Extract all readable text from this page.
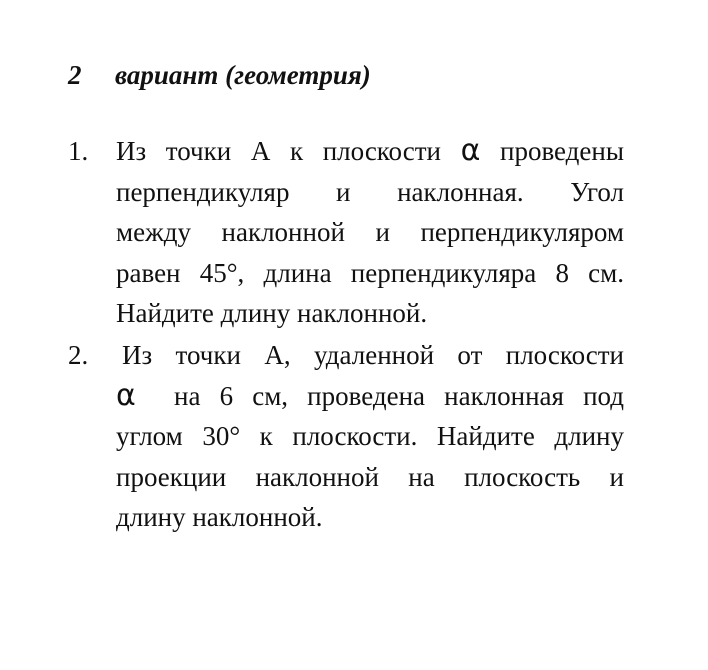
2 вариант (геометрия)
1. Из точки А к плоскости α проведены
перпендикуляр и наклонная. Угол
между наклонной и перпендикуляром
равен 45°, длина перпендикуляра 8 см.
Найдите длину наклонной.
2. Из точки А, удаленной от плоскости
α  на 6 см, проведена наклонная под
углом 30° к плоскости. Найдите длину
проекции наклонной на плоскость и
длину наклонной.
